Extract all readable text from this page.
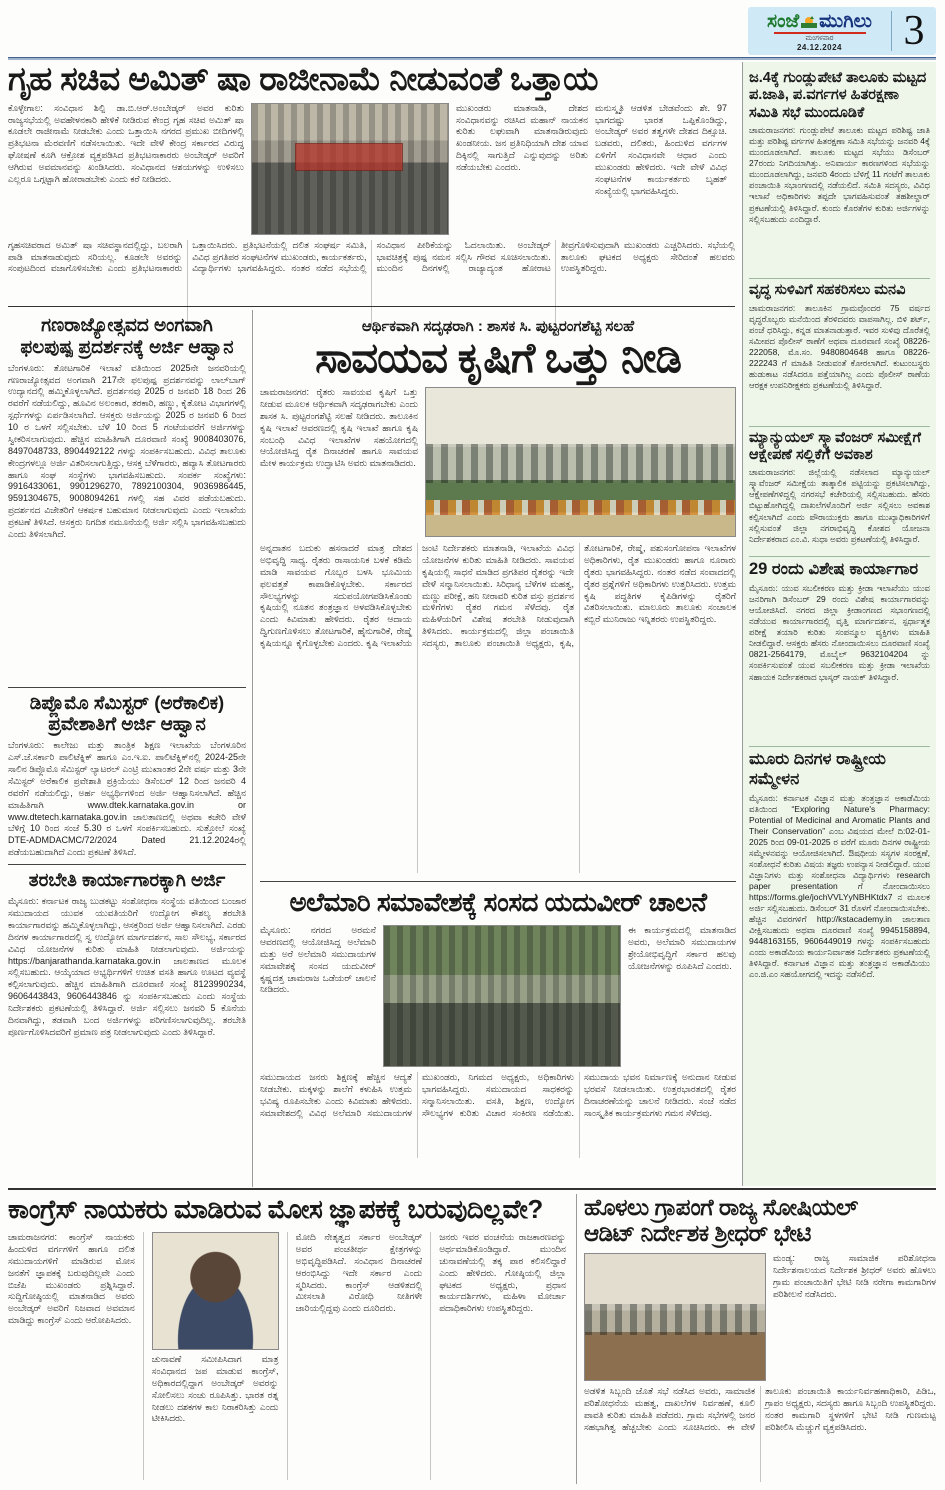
ಸಂಜೆ ಮುಗಿಲು
ಮಂಗಳವಾರ
24.12.2024 3
ಗೃಹ ಸಚಿವ ಅಮಿತ್ ಷಾ ರಾಜೀನಾಮೆ ನೀಡುವಂತೆ ಒತ್ತಾಯ
ಕೊಳ್ಳೇಗಾಲ: ಸಂವಿಧಾನ ಶಿಲ್ಪಿ ಡಾ.ಬಿ.ಆರ್.ಅಂಬೇಡ್ಕರ್ ಅವರ ಕುರಿತು ರಾಜ್ಯಸಭೆಯಲ್ಲಿ ಅವಹೇಳನಕಾರಿ ಹೇಳಿಕೆ ನೀಡಿರುವ ಕೇಂದ್ರ ಗೃಹ ಸಚಿವ ಅಮಿತ್ ಷಾ ಕೂಡಲೇ ರಾಜೀನಾಮೆ ನೀಡಬೇಕು ಎಂದು ಒತ್ತಾಯಿಸಿ ನಗರದ ಪ್ರಮುಖ ಬೀದಿಗಳಲ್ಲಿ ಪ್ರತಿಭಟನಾ ಮೆರವಣಿಗೆ ನಡೆಸಲಾಯಿತು. ಇದೇ ವೇಳೆ ಕೇಂದ್ರ ಸರ್ಕಾರದ ವಿರುದ್ಧ ಘೋಷಣೆ ಕೂಗಿ ಆಕ್ರೋಶ ವ್ಯಕ್ತಪಡಿಸಿದ ಪ್ರತಿಭಟನಾಕಾರರು ಅಂಬೇಡ್ಕರ್ ಅವರಿಗೆ ಆಗಿರುವ ಅವಮಾನವನ್ನು ಖಂಡಿಸಿದರು. ಸಂವಿಧಾನದ ಆಶಯಗಳನ್ನು ಉಳಿಸಲು ಎಲ್ಲರೂ ಒಗ್ಗಟ್ಟಾಗಿ ಹೋರಾಡಬೇಕು ಎಂದು ಕರೆ ನೀಡಿದರು.
ಮುಖಂಡರು ಮಾತನಾಡಿ, ದೇಶದ ಸಂವಿಧಾನವನ್ನು ರಚಿಸಿದ ಮಹಾನ್ ನಾಯಕನ ಕುರಿತು ಲಘುವಾಗಿ ಮಾತನಾಡಿರುವುದು ಖಂಡನೀಯ. ಜನ ಪ್ರತಿನಿಧಿಯಾಗಿ ದೇಶ ಯಾವ ದಿಕ್ಕಿನಲ್ಲಿ ಸಾಗುತ್ತಿದೆ ಎನ್ನುವುದನ್ನು ಅರಿತು ನಡೆಯಬೇಕು ಎಂದರು.
ಮನುಸ್ಮೃತಿ ಆಡಳಿತ ಬೇಡವೆಂದು ಶೇ. 97 ಭಾಗದಷ್ಟು ಭಾರತ ಒಪ್ಪಿಕೊಂಡಿದ್ದು, ಅಂಬೇಡ್ಕರ್ ಅವರ ತತ್ವಗಳೇ ದೇಶದ ದಿಕ್ಸೂಚಿ. ಬಡವರು, ದಲಿತರು, ಹಿಂದುಳಿದ ವರ್ಗಗಳ ಏಳಿಗೆಗೆ ಸಂವಿಧಾನವೇ ಆಧಾರ ಎಂದು ಮುಖಂಡರು ಹೇಳಿದರು. ಇದೇ ವೇಳೆ ವಿವಿಧ ಸಂಘಟನೆಗಳ ಕಾರ್ಯಕರ್ತರು ಬೃಹತ್ ಸಂಖ್ಯೆಯಲ್ಲಿ ಭಾಗವಹಿಸಿದ್ದರು.
ಗೃಹಸಚಿವರಾದ ಅಮಿತ್ ಷಾ ಸಚಿವಸ್ಥಾನದಲ್ಲಿದ್ದು, ಬಲರಾಗಿ ಪಾಡಿ ಮಾತನಾಡುವುದು ಸರಿಯಲ್ಲ. ಕೂಡಲೇ ಅವರನ್ನು ಸಂಪುಟದಿಂದ ವಜಾಗೊಳಿಸಬೇಕು ಎಂದು ಪ್ರತಿಭಟನಾಕಾರರು ಒತ್ತಾಯಿಸಿದರು. ಪ್ರತಿಭಟನೆಯಲ್ಲಿ ದಲಿತ ಸಂಘರ್ಷ ಸಮಿತಿ, ವಿವಿಧ ಪ್ರಗತಿಪರ ಸಂಘಟನೆಗಳ ಮುಖಂಡರು, ಕಾರ್ಯಕರ್ತರು, ವಿದ್ಯಾರ್ಥಿಗಳು ಭಾಗವಹಿಸಿದ್ದರು. ನಂತರ ನಡೆದ ಸಭೆಯಲ್ಲಿ ಸಂವಿಧಾನ ಪೀಠಿಕೆಯನ್ನು ಓದಲಾಯಿತು. ಅಂಬೇಡ್ಕರ್ ಭಾವಚಿತ್ರಕ್ಕೆ ಪುಷ್ಪ ನಮನ ಸಲ್ಲಿಸಿ ಗೌರವ ಸೂಚಿಸಲಾಯಿತು. ಮುಂದಿನ ದಿನಗಳಲ್ಲಿ ರಾಜ್ಯಾದ್ಯಂತ ಹೋರಾಟ ತೀವ್ರಗೊಳಿಸುವುದಾಗಿ ಮುಖಂಡರು ಎಚ್ಚರಿಸಿದರು. ಸಭೆಯಲ್ಲಿ ತಾಲೂಕು ಘಟಕದ ಅಧ್ಯಕ್ಷರು ಸೇರಿದಂತೆ ಹಲವರು ಉಪಸ್ಥಿತರಿದ್ದರು.
ಗಣರಾಜ್ಯೋತ್ಸವದ ಅಂಗವಾಗಿ
ಫಲಪುಷ್ಪ ಪ್ರದರ್ಶನಕ್ಕೆ ಅರ್ಜಿ ಆಹ್ವಾನ
ಬೆಂಗಳೂರು: ತೋಟಗಾರಿಕೆ ಇಲಾಖೆ ವತಿಯಿಂದ 2025ನೇ ಜನವರಿಯಲ್ಲಿ ಗಣರಾಜ್ಯೋತ್ಸವದ ಅಂಗವಾಗಿ 217ನೇ ಫಲಪುಷ್ಪ ಪ್ರದರ್ಶನವನ್ನು ಲಾಲ್‌ಬಾಗ್ ಉದ್ಯಾನದಲ್ಲಿ ಹಮ್ಮಿಕೊಳ್ಳಲಾಗಿದೆ. ಪ್ರದರ್ಶನವು 2025 ರ ಜನವರಿ 18 ರಿಂದ 26 ರವರೆಗೆ ನಡೆಯಲಿದ್ದು, ಹೂವಿನ ಅಲಂಕಾರ, ತರಕಾರಿ, ಹಣ್ಣು, ಕೈತೋಟ ವಿಭಾಗಗಳಲ್ಲಿ ಸ್ಪರ್ಧೆಗಳನ್ನು ಏರ್ಪಡಿಸಲಾಗಿದೆ. ಆಸಕ್ತರು ಅರ್ಜಿಯನ್ನು 2025 ರ ಜನವರಿ 6 ರಿಂದ 10 ರ ಒಳಗೆ ಸಲ್ಲಿಸಬೇಕು. ಬೆಳೆ 10 ರಿಂದ 5 ಗಂಟೆಯವರೆಗೆ ಅರ್ಜಿಗಳನ್ನು ಸ್ವೀಕರಿಸಲಾಗುವುದು. ಹೆಚ್ಚಿನ ಮಾಹಿತಿಗಾಗಿ ದೂರವಾಣಿ ಸಂಖ್ಯೆ 9008403076, 8497048733, 8904492122 ಗಳನ್ನು ಸಂಪರ್ಕಿಸಬಹುದು. ವಿವಿಧ ತಾಲೂಕು ಕೇಂದ್ರಗಳಲ್ಲೂ ಅರ್ಜಿ ವಿತರಿಸಲಾಗುತ್ತಿದ್ದು, ಆಸಕ್ತ ಬೆಳೆಗಾರರು, ಹವ್ಯಾಸಿ ತೋಟಗಾರರು ಹಾಗೂ ಸಂಘ ಸಂಸ್ಥೆಗಳು ಭಾಗವಹಿಸಬಹುದು. ಸಂಪರ್ಕ ಸಂಖ್ಯೆಗಳು: 9916433061, 9901296270, 7892100304, 9036986445, 9591304675, 9008094261 ಗಳಲ್ಲಿ ಸಹ ವಿವರ ಪಡೆಯಬಹುದು. ಪ್ರದರ್ಶನದ ವಿಜೇತರಿಗೆ ಆಕರ್ಷಕ ಬಹುಮಾನ ನೀಡಲಾಗುವುದು ಎಂದು ಇಲಾಖೆಯ ಪ್ರಕಟಣೆ ತಿಳಿಸಿದೆ. ಆಸಕ್ತರು ನಿಗದಿತ ನಮೂನೆಯಲ್ಲಿ ಅರ್ಜಿ ಸಲ್ಲಿಸಿ ಭಾಗವಹಿಸಬಹುದು ಎಂದು ತಿಳಿಸಲಾಗಿದೆ.
ಡಿಪ್ಲೊಮೊ ಸೆಮಿಸ್ಟರ್ (ಅರೆಕಾಲಿಕ)
ಪ್ರವೇಶಾತಿಗೆ ಅರ್ಜಿ ಆಹ್ವಾನ
ಬೆಂಗಳೂರು: ಕಾಲೇಜು ಮತ್ತು ತಾಂತ್ರಿಕ ಶಿಕ್ಷಣ ಇಲಾಖೆಯ ಬೆಂಗಳೂರಿನ ಎಸ್.ಜೆ.ಸರ್ಕಾರಿ ಪಾಲಿಟೆಕ್ನಿಕ್ ಹಾಗೂ ಎಂ.ಇ.ಐ. ಪಾಲಿಟೆಕ್ನಿಕ್‌ನಲ್ಲಿ 2024-25ನೇ ಸಾಲಿನ ಡಿಪ್ಲೊಮೊ ಸೆಮಿಸ್ಟರ್ ಲ್ಯಾಟರಲ್ ಎಂಟ್ರಿ ಮುಖಾಂತರ 2ನೇ ವರ್ಷ ಮತ್ತು 3ನೇ ಸೆಮಿಸ್ಟರ್ ಅರೆಕಾಲಿಕ ಪ್ರವೇಶಾತಿ ಪ್ರಕ್ರಿಯೆಯು ಡಿಸೆಂಬರ್ 12 ರಿಂದ ಜನವರಿ 4 ರವರೆಗೆ ನಡೆಯಲಿದ್ದು, ಅರ್ಹ ಅಭ್ಯರ್ಥಿಗಳಿಂದ ಅರ್ಜಿ ಆಹ್ವಾನಿಸಲಾಗಿದೆ. ಹೆಚ್ಚಿನ ಮಾಹಿತಿಗಾಗಿ www.dtek.karnataka.gov.in or www.dtetech.karnataka.gov.in ಜಾಲತಾಣದಲ್ಲಿ ಅಥವಾ ಕಚೇರಿ ವೇಳೆ ಬೆಳಿಗ್ಗೆ 10 ರಿಂದ ಸಂಜೆ 5.30 ರ ಒಳಗೆ ಸಂಪರ್ಕಿಸಬಹುದು. ಸುತ್ತೋಲೆ ಸಂಖ್ಯೆ DTE-ADMDACMC/72/2024 Dated 21.12.2024ರಲ್ಲಿ ಪಡೆಯಬಹುದಾಗಿದೆ ಎಂದು ಪ್ರಕಟಣೆ ತಿಳಿಸಿದೆ.
ತರಬೇತಿ ಕಾರ್ಯಾಗಾರಕ್ಕಾಗಿ ಅರ್ಜಿ
ಮೈಸೂರು: ಕರ್ನಾಟಕ ರಾಜ್ಯ ಬುಡಕಟ್ಟು ಸಂಶೋಧನಾ ಸಂಸ್ಥೆಯ ವತಿಯಿಂದ ಬಂಜಾರ ಸಮುದಾಯದ ಯುವಕ ಯುವತಿಯರಿಗೆ ಉದ್ಯೋಗ ಕೌಶಲ್ಯ ತರಬೇತಿ ಕಾರ್ಯಾಗಾರವನ್ನು ಹಮ್ಮಿಕೊಳ್ಳಲಾಗಿದ್ದು, ಆಸಕ್ತರಿಂದ ಅರ್ಜಿ ಆಹ್ವಾನಿಸಲಾಗಿದೆ. ಎರಡು ದಿನಗಳ ಕಾರ್ಯಾಗಾರದಲ್ಲಿ ಸ್ವ ಉದ್ಯೋಗ ಮಾರ್ಗದರ್ಶನ, ಸಾಲ ಸೌಲಭ್ಯ, ಸರ್ಕಾರದ ವಿವಿಧ ಯೋಜನೆಗಳ ಕುರಿತು ಮಾಹಿತಿ ನೀಡಲಾಗುವುದು. ಅರ್ಜಿಯನ್ನು https://banjarathanda.karnataka.gov.in ಜಾಲತಾಣದ ಮೂಲಕ ಸಲ್ಲಿಸಬಹುದು. ಆಯ್ಕೆಯಾದ ಅಭ್ಯರ್ಥಿಗಳಿಗೆ ಉಚಿತ ವಸತಿ ಹಾಗೂ ಊಟದ ವ್ಯವಸ್ಥೆ ಕಲ್ಪಿಸಲಾಗುವುದು. ಹೆಚ್ಚಿನ ಮಾಹಿತಿಗಾಗಿ ದೂರವಾಣಿ ಸಂಖ್ಯೆ 8123990234, 9606443843, 9606443846 ನ್ನು ಸಂಪರ್ಕಿಸಬಹುದು ಎಂದು ಸಂಸ್ಥೆಯ ನಿರ್ದೇಶಕರು ಪ್ರಕಟಣೆಯಲ್ಲಿ ತಿಳಿಸಿದ್ದಾರೆ. ಅರ್ಜಿ ಸಲ್ಲಿಸಲು ಜನವರಿ 5 ಕೊನೆಯ ದಿನವಾಗಿದ್ದು, ತಡವಾಗಿ ಬಂದ ಅರ್ಜಿಗಳನ್ನು ಪರಿಗಣಿಸಲಾಗುವುದಿಲ್ಲ. ತರಬೇತಿ ಪೂರ್ಣಗೊಳಿಸಿದವರಿಗೆ ಪ್ರಮಾಣ ಪತ್ರ ನೀಡಲಾಗುವುದು ಎಂದು ತಿಳಿಸಿದ್ದಾರೆ.
ಆರ್ಥಿಕವಾಗಿ ಸದೃಢರಾಗಿ : ಶಾಸಕ ಸಿ. ಪುಟ್ಟರಂಗಶೆಟ್ಟಿ ಸಲಹೆ
ಸಾವಯವ ಕೃಷಿಗೆ ಒತ್ತು ನೀಡಿ
ಚಾಮರಾಜನಗರ: ರೈತರು ಸಾವಯವ ಕೃಷಿಗೆ ಒತ್ತು ನೀಡುವ ಮೂಲಕ ಆರ್ಥಿಕವಾಗಿ ಸದೃಢರಾಗಬೇಕು ಎಂದು ಶಾಸಕ ಸಿ. ಪುಟ್ಟರಂಗಶೆಟ್ಟಿ ಸಲಹೆ ನೀಡಿದರು. ತಾಲೂಕಿನ ಕೃಷಿ ಇಲಾಖೆ ಆವರಣದಲ್ಲಿ ಕೃಷಿ ಇಲಾಖೆ ಹಾಗೂ ಕೃಷಿ ಸಂಬಂಧಿ ವಿವಿಧ ಇಲಾಖೆಗಳ ಸಹಯೋಗದಲ್ಲಿ ಆಯೋಜಿಸಿದ್ದ ರೈತ ದಿನಾಚರಣೆ ಹಾಗೂ ಸಾವಯವ ಮೇಳ ಕಾರ್ಯಕ್ರಮ ಉದ್ಘಾಟಿಸಿ ಅವರು ಮಾತನಾಡಿದರು.
ಅನ್ನದಾತನ ಬದುಕು ಹಸನಾದರೆ ಮಾತ್ರ ದೇಶದ ಅಭಿವೃದ್ಧಿ ಸಾಧ್ಯ. ರೈತರು ರಾಸಾಯನಿಕ ಬಳಕೆ ಕಡಿಮೆ ಮಾಡಿ ಸಾವಯವ ಗೊಬ್ಬರ ಬಳಸಿ ಭೂಮಿಯ ಫಲವತ್ತತೆ ಕಾಪಾಡಿಕೊಳ್ಳಬೇಕು. ಸರ್ಕಾರದ ಸೌಲಭ್ಯಗಳನ್ನು ಸದುಪಯೋಗಪಡಿಸಿಕೊಂಡು ಕೃಷಿಯಲ್ಲಿ ನೂತನ ತಂತ್ರಜ್ಞಾನ ಅಳವಡಿಸಿಕೊಳ್ಳಬೇಕು ಎಂದು ಕಿವಿಮಾತು ಹೇಳಿದರು. ರೈತರ ಆದಾಯ ದ್ವಿಗುಣಗೊಳಿಸಲು ತೋಟಗಾರಿಕೆ, ಹೈನುಗಾರಿಕೆ, ರೇಷ್ಮೆ ಕೃಷಿಯನ್ನೂ ಕೈಗೊಳ್ಳಬೇಕು ಎಂದರು. ಕೃಷಿ ಇಲಾಖೆಯ ಜಂಟಿ ನಿರ್ದೇಶಕರು ಮಾತನಾಡಿ, ಇಲಾಖೆಯ ವಿವಿಧ ಯೋಜನೆಗಳ ಕುರಿತು ಮಾಹಿತಿ ನೀಡಿದರು. ಸಾವಯವ ಕೃಷಿಯಲ್ಲಿ ಸಾಧನೆ ಮಾಡಿದ ಪ್ರಗತಿಪರ ರೈತರನ್ನು ಇದೇ ವೇಳೆ ಸನ್ಮಾನಿಸಲಾಯಿತು. ಸಿರಿಧಾನ್ಯ ಬೆಳೆಗಳ ಮಹತ್ವ, ಮಣ್ಣು ಪರೀಕ್ಷೆ, ಹನಿ ನೀರಾವರಿ ಕುರಿತ ವಸ್ತು ಪ್ರದರ್ಶನ ಮಳಿಗೆಗಳು ರೈತರ ಗಮನ ಸೆಳೆದವು. ರೈತ ಮಹಿಳೆಯರಿಗೆ ವಿಶೇಷ ತರಬೇತಿ ನೀಡುವುದಾಗಿ ತಿಳಿಸಿದರು. ಕಾರ್ಯಕ್ರಮದಲ್ಲಿ ಜಿಲ್ಲಾ ಪಂಚಾಯಿತಿ ಸದಸ್ಯರು, ತಾಲೂಕು ಪಂಚಾಯಿತಿ ಅಧ್ಯಕ್ಷರು, ಕೃಷಿ, ತೋಟಗಾರಿಕೆ, ರೇಷ್ಮೆ, ಪಶುಸಂಗೋಪನಾ ಇಲಾಖೆಗಳ ಅಧಿಕಾರಿಗಳು, ರೈತ ಮುಖಂಡರು ಹಾಗೂ ನೂರಾರು ರೈತರು ಭಾಗವಹಿಸಿದ್ದರು. ನಂತರ ನಡೆದ ಸಂವಾದದಲ್ಲಿ ರೈತರ ಪ್ರಶ್ನೆಗಳಿಗೆ ಅಧಿಕಾರಿಗಳು ಉತ್ತರಿಸಿದರು. ಉತ್ತಮ ಕೃಷಿ ಪದ್ಧತಿಗಳ ಕೈಪಿಡಿಗಳನ್ನು ರೈತರಿಗೆ ವಿತರಿಸಲಾಯಿತು. ಮಾಲೂರು ತಾಲೂಕು ಸಂಚಾಲಕ ಕಬ್ಬಿರೆ ಮುನಿರಾಜು ಇನ್ನಿತರರು ಉಪಸ್ಥಿತರಿದ್ದರು.
ಅಲೆಮಾರಿ ಸಮಾವೇಶಕ್ಕೆ ಸಂಸದ ಯದುವೀರ್ ಚಾಲನೆ
ಮೈಸೂರು: ನಗರದ ಅರಮನೆ ಆವರಣದಲ್ಲಿ ಆಯೋಜಿಸಿದ್ದ ಅಲೆಮಾರಿ ಮತ್ತು ಅರೆ ಅಲೆಮಾರಿ ಸಮುದಾಯಗಳ ಸಮಾವೇಶಕ್ಕೆ ಸಂಸದ ಯದುವೀರ್ ಕೃಷ್ಣದತ್ತ ಚಾಮರಾಜ ಒಡೆಯರ್ ಚಾಲನೆ ನೀಡಿದರು.
ಈ ಕಾರ್ಯಕ್ರಮದಲ್ಲಿ ಮಾತನಾಡಿದ ಅವರು, ಅಲೆಮಾರಿ ಸಮುದಾಯಗಳ ಶ್ರೇಯೋಭಿವೃದ್ಧಿಗೆ ಸರ್ಕಾರ ಹಲವು ಯೋಜನೆಗಳನ್ನು ರೂಪಿಸಿದೆ ಎಂದರು.
ಸಮುದಾಯದ ಜನರು ಶಿಕ್ಷಣಕ್ಕೆ ಹೆಚ್ಚಿನ ಆದ್ಯತೆ ನೀಡಬೇಕು. ಮಕ್ಕಳನ್ನು ಶಾಲೆಗೆ ಕಳುಹಿಸಿ ಉತ್ತಮ ಭವಿಷ್ಯ ರೂಪಿಸಬೇಕು ಎಂದು ಕಿವಿಮಾತು ಹೇಳಿದರು. ಸಮಾವೇಶದಲ್ಲಿ ವಿವಿಧ ಅಲೆಮಾರಿ ಸಮುದಾಯಗಳ ಮುಖಂಡರು, ನಿಗಮದ ಅಧ್ಯಕ್ಷರು, ಅಧಿಕಾರಿಗಳು ಭಾಗವಹಿಸಿದ್ದರು. ಸಮುದಾಯದ ಸಾಧಕರನ್ನು ಸನ್ಮಾನಿಸಲಾಯಿತು. ವಸತಿ, ಶಿಕ್ಷಣ, ಉದ್ಯೋಗ ಸೌಲಭ್ಯಗಳ ಕುರಿತು ವಿಚಾರ ಸಂಕಿರಣ ನಡೆಯಿತು. ಸಮುದಾಯ ಭವನ ನಿರ್ಮಾಣಕ್ಕೆ ಅನುದಾನ ನೀಡುವ ಭರವಸೆ ನೀಡಲಾಯಿತು. ಉತ್ತರಭಾರತದಲ್ಲಿ ರೈತರ ದಿನಾಚರಣೆಯನ್ನು ಚಾಲನೆ ನೀಡಿದರು. ಸಂಜೆ ನಡೆದ ಸಾಂಸ್ಕೃತಿಕ ಕಾರ್ಯಕ್ರಮಗಳು ಗಮನ ಸೆಳೆದವು.
ಕಾಂಗ್ರೆಸ್ ನಾಯಕರು ಮಾಡಿರುವ ಮೋಸ ಜ್ಞಾಪಕಕ್ಕೆ ಬರುವುದಿಲ್ಲವೇ?
ಚಾಮರಾಜನಗರ: ಕಾಂಗ್ರೆಸ್ ನಾಯಕರು ಹಿಂದುಳಿದ ವರ್ಗಗಳಿಗೆ ಹಾಗೂ ದಲಿತ ಸಮುದಾಯಗಳಿಗೆ ಮಾಡಿರುವ ಮೋಸ ಜನತೆಗೆ ಜ್ಞಾಪಕಕ್ಕೆ ಬರುವುದಿಲ್ಲವೇ ಎಂದು ಬಿಜೆಪಿ ಮುಖಂಡರು ಪ್ರಶ್ನಿಸಿದ್ದಾರೆ. ಸುದ್ದಿಗೋಷ್ಠಿಯಲ್ಲಿ ಮಾತನಾಡಿದ ಅವರು ಅಂಬೇಡ್ಕರ್ ಅವರಿಗೆ ನಿಜವಾದ ಅವಮಾನ ಮಾಡಿದ್ದು ಕಾಂಗ್ರೆಸ್ ಎಂದು ಆರೋಪಿಸಿದರು.
ಚುನಾವಣೆ ಸಮೀಪಿಸಿದಾಗ ಮಾತ್ರ ಸಂವಿಧಾನದ ಜಪ ಮಾಡುವ ಕಾಂಗ್ರೆಸ್, ಅಧಿಕಾರದಲ್ಲಿದ್ದಾಗ ಅಂಬೇಡ್ಕರ್ ಅವರನ್ನು ಸೋಲಿಸಲು ಸಂಚು ರೂಪಿಸಿತ್ತು. ಭಾರತ ರತ್ನ ನೀಡಲು ದಶಕಗಳ ಕಾಲ ನಿರಾಕರಿಸಿತ್ತು ಎಂದು ಟೀಕಿಸಿದರು.
ಮೋದಿ ನೇತೃತ್ವದ ಸರ್ಕಾರ ಅಂಬೇಡ್ಕರ್ ಅವರ ಪಂಚತೀರ್ಥ ಕ್ಷೇತ್ರಗಳನ್ನು ಅಭಿವೃದ್ಧಿಪಡಿಸಿದೆ. ಸಂವಿಧಾನ ದಿನಾಚರಣೆ ಆರಂಭಿಸಿದ್ದು ಇದೇ ಸರ್ಕಾರ ಎಂದು ಸ್ಮರಿಸಿದರು. ಕಾಂಗ್ರೆಸ್ ಆಡಳಿತದಲ್ಲಿ ಮೀಸಲಾತಿ ವಿರೋಧಿ ನೀತಿಗಳೇ ಜಾರಿಯಲ್ಲಿದ್ದವು ಎಂದು ದೂರಿದರು.
ಜನರು ಇವರ ವಂಚನೆಯ ರಾಜಕಾರಣವನ್ನು ಅರ್ಥಮಾಡಿಕೊಂಡಿದ್ದಾರೆ. ಮುಂದಿನ ಚುನಾವಣೆಯಲ್ಲಿ ತಕ್ಕ ಪಾಠ ಕಲಿಸಲಿದ್ದಾರೆ ಎಂದು ಹೇಳಿದರು. ಗೋಷ್ಠಿಯಲ್ಲಿ ಜಿಲ್ಲಾ ಘಟಕದ ಅಧ್ಯಕ್ಷರು, ಪ್ರಧಾನ ಕಾರ್ಯದರ್ಶಿಗಳು, ಮಹಿಳಾ ಮೋರ್ಚಾ ಪದಾಧಿಕಾರಿಗಳು ಉಪಸ್ಥಿತರಿದ್ದರು.
ಹೊಳಲು ಗ್ರಾಪಂಗೆ ರಾಜ್ಯ ಸೋಷಿಯಲ್
ಆಡಿಟ್ ನಿರ್ದೇಶಕ ಶ್ರೀಧರ್ ಭೇಟಿ
ಮಂಡ್ಯ: ರಾಜ್ಯ ಸಾಮಾಜಿಕ ಪರಿಶೋಧನಾ ನಿರ್ದೇಶನಾಲಯದ ನಿರ್ದೇಶಕ ಶ್ರೀಧರ್ ಅವರು ಹೊಳಲು ಗ್ರಾಮ ಪಂಚಾಯಿತಿಗೆ ಭೇಟಿ ನೀಡಿ ನರೇಗಾ ಕಾಮಗಾರಿಗಳ ಪರಿಶೀಲನೆ ನಡೆಸಿದರು.
ಅಡಳಿತ ಸಿಬ್ಬಂದಿ ಜೊತೆ ಸಭೆ ನಡೆಸಿದ ಅವರು, ಸಾಮಾಜಿಕ ಪರಿಶೋಧನೆಯ ಮಹತ್ವ, ದಾಖಲೆಗಳ ನಿರ್ವಹಣೆ, ಕೂಲಿ ಪಾವತಿ ಕುರಿತು ಮಾಹಿತಿ ಪಡೆದರು. ಗ್ರಾಮ ಸಭೆಗಳಲ್ಲಿ ಜನರ ಸಹಭಾಗಿತ್ವ ಹೆಚ್ಚಬೇಕು ಎಂದು ಸೂಚಿಸಿದರು. ಈ ವೇಳೆ ತಾಲೂಕು ಪಂಚಾಯಿತಿ ಕಾರ್ಯನಿರ್ವಹಣಾಧಿಕಾರಿ, ಪಿಡಿಒ, ಗ್ರಾಪಂ ಅಧ್ಯಕ್ಷರು, ಸದಸ್ಯರು ಹಾಗೂ ಸಿಬ್ಬಂದಿ ಉಪಸ್ಥಿತರಿದ್ದರು. ನಂತರ ಕಾಮಗಾರಿ ಸ್ಥಳಗಳಿಗೆ ಭೇಟಿ ನೀಡಿ ಗುಣಮಟ್ಟ ಪರಿಶೀಲಿಸಿ ಮೆಚ್ಚುಗೆ ವ್ಯಕ್ತಪಡಿಸಿದರು.
ಜ.4ಕ್ಕೆ ಗುಂಡ್ಲುಪೇಟೆ ತಾಲೂಕು ಮಟ್ಟದ ಪ.ಜಾತಿ, ಪ.ವರ್ಗಗಳ ಹಿತರಕ್ಷಣಾ ಸಮಿತಿ ಸಭೆ ಮುಂದೂಡಿಕೆ
ಚಾಮರಾಜನಗರ: ಗುಂಡ್ಲುಪೇಟೆ ತಾಲೂಕು ಮಟ್ಟದ ಪರಿಶಿಷ್ಟ ಜಾತಿ ಮತ್ತು ಪರಿಶಿಷ್ಟ ವರ್ಗಗಳ ಹಿತರಕ್ಷಣಾ ಸಮಿತಿ ಸಭೆಯನ್ನು ಜನವರಿ 4ಕ್ಕೆ ಮುಂದೂಡಲಾಗಿದೆ. ತಾಲೂಕು ಮಟ್ಟದ ಸಭೆಯು ಡಿಸೆಂಬರ್ 27ರಂದು ನಿಗದಿಯಾಗಿತ್ತು. ಅನಿವಾರ್ಯ ಕಾರಣಗಳಿಂದ ಸಭೆಯನ್ನು ಮುಂದೂಡಲಾಗಿದ್ದು, ಜನವರಿ 4ರಂದು ಬೆಳಿಗ್ಗೆ 11 ಗಂಟೆಗೆ ತಾಲೂಕು ಪಂಚಾಯಿತಿ ಸಭಾಂಗಣದಲ್ಲಿ ನಡೆಯಲಿದೆ. ಸಮಿತಿ ಸದಸ್ಯರು, ವಿವಿಧ ಇಲಾಖೆ ಅಧಿಕಾರಿಗಳು ತಪ್ಪದೇ ಭಾಗವಹಿಸುವಂತೆ ತಹಶೀಲ್ದಾರ್ ಪ್ರಕಟಣೆಯಲ್ಲಿ ತಿಳಿಸಿದ್ದಾರೆ. ಕುಂದು ಕೊರತೆಗಳ ಕುರಿತು ಅರ್ಜಿಗಳನ್ನು ಸಲ್ಲಿಸಬಹುದು ಎಂದಿದ್ದಾರೆ.
ವೃದ್ಧ ಸುಳಿವಿಗೆ ಸಹಕರಿಸಲು ಮನವಿ
ಚಾಮರಾಜನಗರ: ತಾಲೂಕಿನ ಗ್ರಾಮವೊಂದರ 75 ವರ್ಷದ ವೃದ್ಧರೊಬ್ಬರು ಮನೆಯಿಂದ ತೆರಳಿದವರು ವಾಪಸಾಗಿಲ್ಲ. ಬಿಳಿ ಶರ್ಟ್, ಪಂಚೆ ಧರಿಸಿದ್ದು, ಕನ್ನಡ ಮಾತನಾಡುತ್ತಾರೆ. ಇವರ ಸುಳಿವು ದೊರೆತಲ್ಲಿ ಸಮೀಪದ ಪೊಲೀಸ್ ಠಾಣೆಗೆ ಅಥವಾ ದೂರವಾಣಿ ಸಂಖ್ಯೆ 08226-222058, ಮೊ.ಸಂ. 9480804648 ಹಾಗೂ 08226-222243 ಗೆ ಮಾಹಿತಿ ನೀಡುವಂತೆ ಕೋರಲಾಗಿದೆ. ಕುಟುಂಬಸ್ಥರು ಹುಡುಕಾಟ ನಡೆಸಿದರೂ ಪತ್ತೆಯಾಗಿಲ್ಲ ಎಂದು ಪೊಲೀಸ್ ಠಾಣೆಯ ಆರಕ್ಷಕ ಉಪನಿರೀಕ್ಷಕರು ಪ್ರಕಟಣೆಯಲ್ಲಿ ತಿಳಿಸಿದ್ದಾರೆ.
ಮ್ಯಾನ್ಯುಯಲ್ ಸ್ಕ್ಯಾವೆಂಜರ್ ಸಮೀಕ್ಷೆಗೆ ಆಕ್ಷೇಪಣೆ ಸಲ್ಲಿಕೆಗೆ ಅವಕಾಶ
ಚಾಮರಾಜನಗರ: ಜಿಲ್ಲೆಯಲ್ಲಿ ನಡೆಸಲಾದ ಮ್ಯಾನ್ಯುಯಲ್ ಸ್ಕ್ಯಾವೆಂಜರ್ ಸಮೀಕ್ಷೆಯ ತಾತ್ಕಾಲಿಕ ಪಟ್ಟಿಯನ್ನು ಪ್ರಕಟಿಸಲಾಗಿದ್ದು, ಆಕ್ಷೇಪಣೆಗಳಿದ್ದಲ್ಲಿ ನಗರಸಭೆ ಕಚೇರಿಯಲ್ಲಿ ಸಲ್ಲಿಸಬಹುದು. ಹೆಸರು ಬಿಟ್ಟುಹೋಗಿದ್ದಲ್ಲಿ ದಾಖಲೆಗಳೊಂದಿಗೆ ಅರ್ಜಿ ಸಲ್ಲಿಸಲು ಅವಕಾಶ ಕಲ್ಪಿಸಲಾಗಿದೆ ಎಂದು ಪೌರಾಯುಕ್ತರು ಹಾಗೂ ಮುಖ್ಯಾಧಿಕಾರಿಗಳಿಗೆ ಸಲ್ಲಿಸುವಂತೆ ಜಿಲ್ಲಾ ನಗರಾಭಿವೃದ್ಧಿ ಕೋಶದ ಯೋಜನಾ ನಿರ್ದೇಶಕರಾದ ಎಂ.ವಿ. ಸುಧಾ ಅವರು ಪ್ರಕಟಣೆಯಲ್ಲಿ ತಿಳಿಸಿದ್ದಾರೆ.
29 ರಂದು ವಿಶೇಷ ಕಾರ್ಯಾಗಾರ
ಮೈಸೂರು: ಯುವ ಸಬಲೀಕರಣ ಮತ್ತು ಕ್ರೀಡಾ ಇಲಾಖೆಯು ಯುವ ಜನರಿಗಾಗಿ ಡಿಸೆಂಬರ್ 29 ರಂದು ವಿಶೇಷ ಕಾರ್ಯಾಗಾರವನ್ನು ಆಯೋಜಿಸಿದೆ. ನಗರದ ಜಿಲ್ಲಾ ಕ್ರೀಡಾಂಗಣದ ಸಭಾಂಗಣದಲ್ಲಿ ನಡೆಯುವ ಕಾರ್ಯಾಗಾರದಲ್ಲಿ ವೃತ್ತಿ ಮಾರ್ಗದರ್ಶನ, ಸ್ಪರ್ಧಾತ್ಮಕ ಪರೀಕ್ಷೆ ತಯಾರಿ ಕುರಿತು ಸಂಪನ್ಮೂಲ ವ್ಯಕ್ತಿಗಳು ಮಾಹಿತಿ ನೀಡಲಿದ್ದಾರೆ. ಆಸಕ್ತರು ಹೆಸರು ನೋಂದಾಯಿಸಲು ದೂರವಾಣಿ ಸಂಖ್ಯೆ 0821-2564179, ಮೊಬೈಲ್ 9632104204 ನ್ನು ಸಂಪರ್ಕಿಸುವಂತೆ ಯುವ ಸಬಲೀಕರಣ ಮತ್ತು ಕ್ರೀಡಾ ಇಲಾಖೆಯ ಸಹಾಯಕ ನಿರ್ದೇಶಕರಾದ ಭಾಸ್ಕರ್ ನಾಯಕ್ ತಿಳಿಸಿದ್ದಾರೆ.
ಮೂರು ದಿನಗಳ ರಾಷ್ಟ್ರೀಯ ಸಮ್ಮೇಳನ
ಮೈಸೂರು: ಕರ್ನಾಟಕ ವಿಜ್ಞಾನ ಮತ್ತು ತಂತ್ರಜ್ಞಾನ ಅಕಾಡೆಮಿಯ ವತಿಯಿಂದ “Exploring Nature's Pharmacy: Potential of Medicinal and Aromatic Plants and Their Conservation” ಎಂಬ ವಿಷಯದ ಮೇಲೆ ದಿ:02-01-2025 ರಿಂದ 09-01-2025 ರ ವರೆಗೆ ಮೂರು ದಿನಗಳ ರಾಷ್ಟ್ರೀಯ ಸಮ್ಮೇಳನವನ್ನು ಆಯೋಜಿಸಲಾಗಿದೆ. ಔಷಧೀಯ ಸಸ್ಯಗಳ ಸಂರಕ್ಷಣೆ, ಸಂಶೋಧನೆ ಕುರಿತು ವಿಷಯ ತಜ್ಞರು ಉಪನ್ಯಾಸ ನೀಡಲಿದ್ದಾರೆ. ಯುವ ವಿಜ್ಞಾನಿಗಳು ಮತ್ತು ಸಂಶೋಧನಾ ವಿದ್ಯಾರ್ಥಿಗಳು research paper presentation ಗೆ ನೋಂದಾಯಿಸಲು https://forms.gle/jochVVLYyNBHKtdx7 ನ ಮೂಲಕ ಅರ್ಜಿ ಸಲ್ಲಿಸಬಹುದು. ಡಿಸೆಂಬರ್ 31 ರೊಳಗೆ ನೋಂದಾಯಿಸಬೇಕು. ಹೆಚ್ಚಿನ ವಿವರಗಳಿಗೆ http://kstacademy.in ಜಾಲತಾಣ ವೀಕ್ಷಿಸಬಹುದು ಅಥವಾ ದೂರವಾಣಿ ಸಂಖ್ಯೆ 9945158894, 9448163155, 9606449019 ಗಳನ್ನು ಸಂಪರ್ಕಿಸಬಹುದು ಎಂದು ಅಕಾಡೆಮಿಯ ಕಾರ್ಯನಿರ್ವಾಹಕ ನಿರ್ದೇಶಕರು ಪ್ರಕಟಣೆಯಲ್ಲಿ ತಿಳಿಸಿದ್ದಾರೆ. ಕರ್ನಾಟಕ ವಿಜ್ಞಾನ ಮತ್ತು ತಂತ್ರಜ್ಞಾನ ಅಕಾಡೆಮಿಯು ಎಂ.ಜಿ.ಎಂ ಸಹಯೋಗದಲ್ಲಿ ಇದನ್ನು ನಡೆಸಲಿದೆ.
